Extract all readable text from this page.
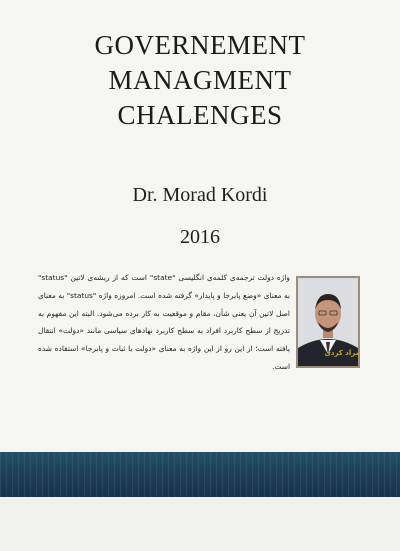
GOVERNEMENT
MANAGMENT
CHALENGES
Dr. Morad Kordi
2016
مراد کردی

واژه دولت ترجمه‌ی کلمه‌ی انگلیسی "state" است که از ریشه‌ی لاتین "status" به معنای «وضع پابرجا و پایدار» گرفته شده است. امروزه واژه "status" به معنای اصل لاتین آن یعنی شأن، مقام و موقعیت به کار برده می‌شود. البته این مفهوم به تدریج از سطح کاربرد افراد به سطح کاربرد نهادهای سیاسی مانند «دولت» انتقال یافته است؛ از این رو از این واژه به معنای «دولت با ثبات و پابرجا» استفاده شده است.
